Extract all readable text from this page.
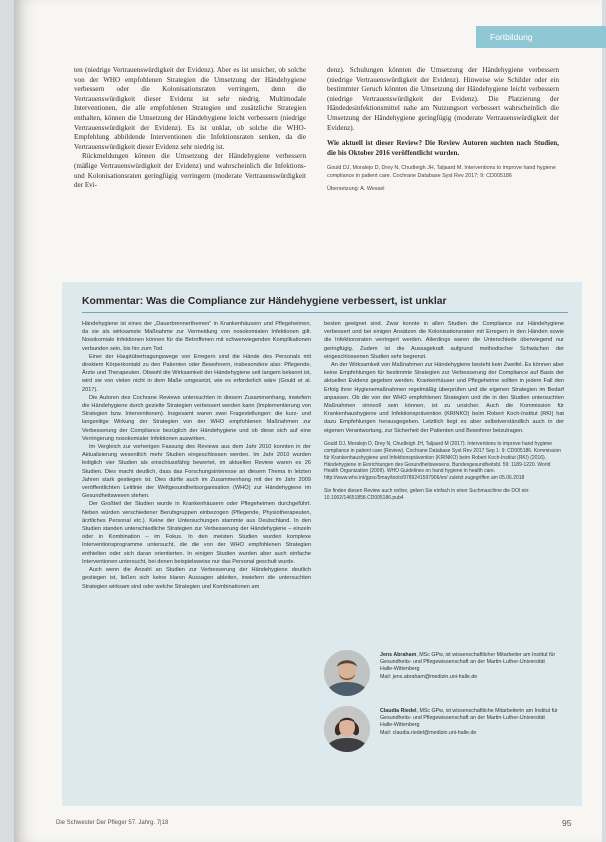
Fortbildung

ten (niedrige Vertrauenswürdigkeit der Evidenz). Aber es ist unsicher, ob solche von der WHO empfohlenen Strategien die Umsetzung der Händehygiene verbessern oder die Kolonisationsraten verringern, denn die Vertrauenswürdigkeit dieser Evidenz ist sehr niedrig. Multimodale Interventionen, die alle empfohlenen Strategien und zusätzliche Strategien enthalten, können die Umsetzung der Händehygiene leicht verbessern (niedrige Vertrauenswürdigkeit der Evidenz). Es ist unklar, ob solche die WHO-Empfehlung abbildende Interventionen die Infektionsraten senken, da die Vertrauenswürdigkeit dieser Evidenz sehr niedrig ist.

Rückmeldungen können die Umsetzung der Händehygiene verbessern (mäßige Vertrauenswürdigkeit der Evidenz) und wahrscheinlich die Infektions- und Kolonisationsraten geringfügig verringern (moderate Vertrauenswürdigkeit der Evi-

denz). Schulungen könnten die Umsetzung der Händehygiene verbessern (niedrige Vertrauenswürdigkeit der Evidenz). Hinweise wie Schilder oder ein bestimmter Geruch könnten die Umsetzung der Händehygiene leicht verbessern (niedrige Vertrauenswürdigkeit der Evidenz). Die Platzierung der Händedesinfektionsmittel nahe am Nutzungsort verbessert wahrscheinlich die Umsetzung der Händehygiene geringfügig (moderate Vertrauenswürdigkeit der Evidenz).

Wie aktuell ist dieser Review? Die Review Autoren suchten nach Studien, die bis Oktober 2016 veröffentlicht wurden.

Gould DJ, Moralejo D, Drey N, Chudleigh JH, Taljaard M. Interventions to improve hand hygiene compliance in patient care. Cochrane Database Syst Rev 2017; 9: CD005186

Übersetzung: A. Wessel

Kommentar: Was die Compliance zur Händehygiene verbessert, ist unklar

Händehygiene ist eines der „Dauerbrennerthemen“ in Krankenhäusern und Pflegeheimen, da sie als wirksamste Maßnahme zur Vermeidung von nosokomialen Infektionen gilt. Nosokomiale Infektionen können für die Betroffenen mit schwerwiegenden Komplikationen verbunden sein, bis hin zum Tod.

Einer der Hauptübertragungswege von Erregern sind die Hände des Personals mit direktem Körperkontakt zu den Patienten oder Bewohnern, insbesondere also: Pflegende, Ärzte und Therapeuten. Obwohl die Wirksamkeit der Händehygiene seit langem bekannt ist, wird sie von vielen nicht in dem Maße umgesetzt, wie es erforderlich wäre (Gould et al. 2017).

Die Autoren des Cochrane Reviews untersuchten in diesem Zusammenhang, inwiefern die Händehygiene durch gezielte Strategien verbessert werden kann (Implementierung von Strategien bzw. Interventionen). Insgesamt waren zwei Fragestellungen: die kurz- und langzeitige Wirkung der Strategien von der WHO empfohlenen Maßnahmen zur Verbesserung der Compliance bezüglich der Händehygiene und ob diese sich auf eine Verringerung nosokomialer Infektionen auswirken.

Im Vergleich zur vorherigen Fassung des Reviews aus dem Jahr 2010 konnten in der Aktualisierung wesentlich mehr Studien eingeschlossen werden. Im Jahr 2010 wurden lediglich vier Studien als einschlussfähig bewertet, im aktuellen Review waren es 26 Studien. Dies macht deutlich, dass das Forschungsinteresse an diesem Thema in letzten Jahren stark gestiegen ist. Dies dürfte auch im Zusammenhang mit der im Jahr 2009 veröffentlichten Leitlinie der Weltgesundheitsorganisation (WHO) zur Händehygiene im Gesundheitswesen stehen.

Der Großteil der Studien wurde in Krankenhäusern oder Pflegeheimen durchgeführt. Neben würden verschiedener Berufsgruppen einbezogen (Pflegende, Physiotherapeuten, ärztliches Personal etc.). Keine der Untersuchungen stammte aus Deutschland. In den Studien standen unterschiedliche Strategien zur Verbesserung der Händehygiene – einzeln oder in Kombination – im Fokus. In den meisten Studien wurden komplexe Interventionsprogramme untersucht, die die von der WHO empfohlenen Strategien enthielten oder sich daran orientierten. In einigen Studien wurden aber auch einfache Interventionen untersucht, bei denen beispielsweise nur das Personal geschult wurde.

Auch wenn die Anzahl an Studien zur Verbesserung der Händehygiene deutlich gestiegen ist, ließen sich keine klaren Aussagen ableiten, inwiefern die untersuchten Strategien wirksam sind oder welche Strategien und Kombinationen am

besten geeignet sind. Zwar konnte in allen Studien die Compliance zur Händehygiene verbessert und bei einigen Ansätzen die Kolonisationsraten mit Erregern in den Händen sowie die Infektionsraten verringert werden. Allerdings waren die Unterschiede überwiegend nur geringfügig. Zudem ist die Aussagekraft aufgrund methodischer Schwächen der eingeschlossenen Studien sehr begrenzt.

An der Wirksamkeit von Maßnahmen zur Händehygiene besteht kein Zweifel. Es können aber keine Empfehlungen für bestimmte Strategien zur Verbesserung der Compliance auf Basis der aktuellen Evidenz gegeben werden. Krankenhäuser und Pflegeheime sollten in jedem Fall den Erfolg ihrer Hygienemaßnahmen regelmäßig überprüfen und die eigenen Strategien im Bedarf anpassen. Ob die von der WHO empfohlenen Strategien und die in den Studien untersuchten Maßnahmen sinnvoll sein können, ist zu unsicher. Auch die Kommission für Krankenhaushygiene und Infektionsprävention (KRINKO) beim Robert Koch-Institut (RKI) hat dazu Empfehlungen herausgegeben. Letztlich liegt es aber selbstverständlich auch in der eigenen Verantwortung, zur Sicherheit der Patienten und Bewohner beizutragen.

Gould DJ, Moralejo D, Drey N, Chudleigh JH, Taljaard M (2017). Interventions to improve hand hygiene compliance in patient care (Review). Cochrane Database Syst Rev 2017 Sep 1: 9: CD005186. Kommission für Krankenhaushygiene und Infektionsprävention (KRINKO) beim Robert Koch-Institut (RKI) (2016). Händehygiene in Einrichtungen des Gesundheitswesens. Bundesgesundheitsbl. 59: 1189-1220. World Health Organization (2009). WHO Guidelines on hand hygiene in health care. http://www.who.int/gpsc/5may/tools/9789241597906/en/ zuletzt zugegriffen am 05.06.2018

Sie finden diesen Review auch online, geben Sie einfach in einer Suchmaschine die DOI ein: 10.1002/14651858.CD005186.pub4

Jens Abraham, MSc GPw, ist wissenschaftlicher Mitarbeiter am Institut für Gesundheits- und Pflegewissenschaft an der Martin-Luther-Universität Halle-Wittenberg
Mail: jens.abraham@medizin.uni-halle.de
Claudia Riedel, MSc GPw, ist wissenschaftliche Mitarbeiterin am Institut für Gesundheits- und Pflegewissenschaft an der Martin-Luther-Universität Halle-Wittenberg
Mail: claudia.riedel@medizin.uni-halle.de
Die Schwester Der Pfleger 57. Jahrg. 7|18	95
